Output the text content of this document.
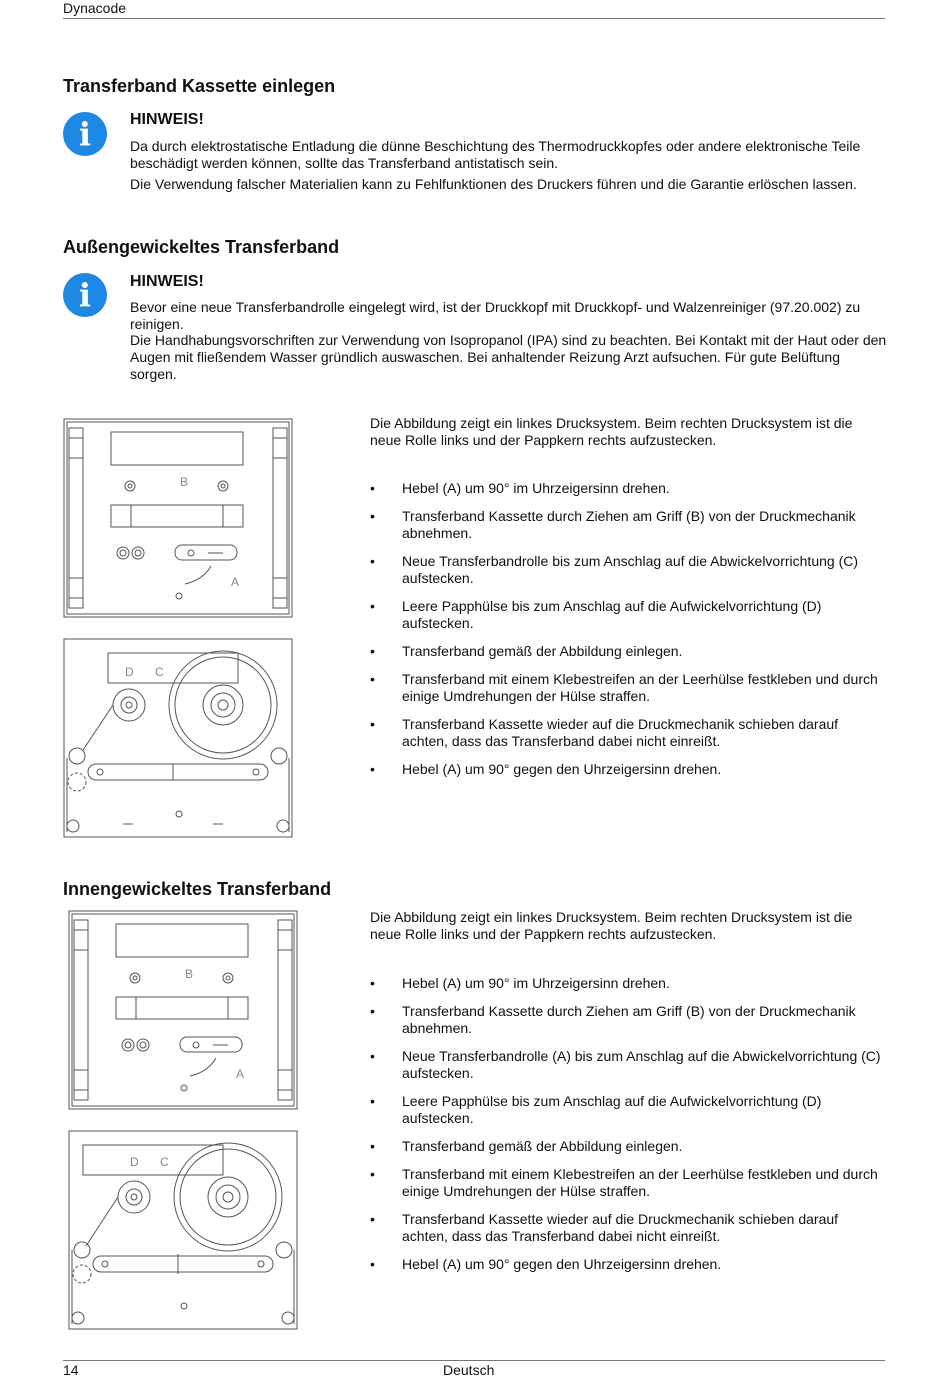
Dynacode
Transferband Kassette einlegen
i	HINWEIS!
Da durch elektrostatische Entladung die dünne Beschichtung des Thermodruckkopfes oder andere elektronische Teile beschädigt werden können, sollte das Transferband antistatisch sein.
Die Verwendung falscher Materialien kann zu Fehlfunktionen des Druckers führen und die Garantie erlöschen lassen.
Außengewickeltes Transferband
i	HINWEIS!
Bevor eine neue Transferbandrolle eingelegt wird, ist der Druckkopf mit Druckkopf- und Walzenreiniger (97.20.002) zu reinigen.
Die Handhabungsvorschriften zur Verwendung von Isopropanol (IPA) sind zu beachten. Bei Kontakt mit der Haut oder den Augen mit fließendem Wasser gründlich auswaschen. Bei anhaltender Reizung Arzt aufsuchen. Für gute Belüftung sorgen.
B
A
D C
Die Abbildung zeigt ein linkes Drucksystem. Beim rechten Drucksystem ist die neue Rolle links und der Pappkern rechts aufzustecken.
• Hebel (A) um 90° im Uhrzeigersinn drehen.
• Transferband Kassette durch Ziehen am Griff (B) von der Druckmechanik abnehmen.
• Neue Transferbandrolle bis zum Anschlag auf die Abwickelvorrichtung (C) aufstecken.
• Leere Papphülse bis zum Anschlag auf die Aufwickelvorrichtung (D) aufstecken.
• Transferband gemäß der Abbildung einlegen.
• Transferband mit einem Klebestreifen an der Leerhülse festkleben und durch einige Umdrehungen der Hülse straffen.
• Transferband Kassette wieder auf die Druckmechanik schieben darauf achten, dass das Transferband dabei nicht einreißt.
• Hebel (A) um 90° gegen den Uhrzeigersinn drehen.
Innengewickeltes Transferband
B
A
D C
Die Abbildung zeigt ein linkes Drucksystem. Beim rechten Drucksystem ist die neue Rolle links und der Pappkern rechts aufzustecken.
• Hebel (A) um 90° im Uhrzeigersinn drehen.
• Transferband Kassette durch Ziehen am Griff (B) von der Druckmechanik abnehmen.
• Neue Transferbandrolle (A) bis zum Anschlag auf die Abwickelvorrichtung (C) aufstecken.
• Leere Papphülse bis zum Anschlag auf die Aufwickelvorrichtung (D) aufstecken.
• Transferband gemäß der Abbildung einlegen.
• Transferband mit einem Klebestreifen an der Leerhülse festkleben und durch einige Umdrehungen der Hülse straffen.
• Transferband Kassette wieder auf die Druckmechanik schieben darauf achten, dass das Transferband dabei nicht einreißt.
• Hebel (A) um 90° gegen den Uhrzeigersinn drehen.
14	Deutsch
